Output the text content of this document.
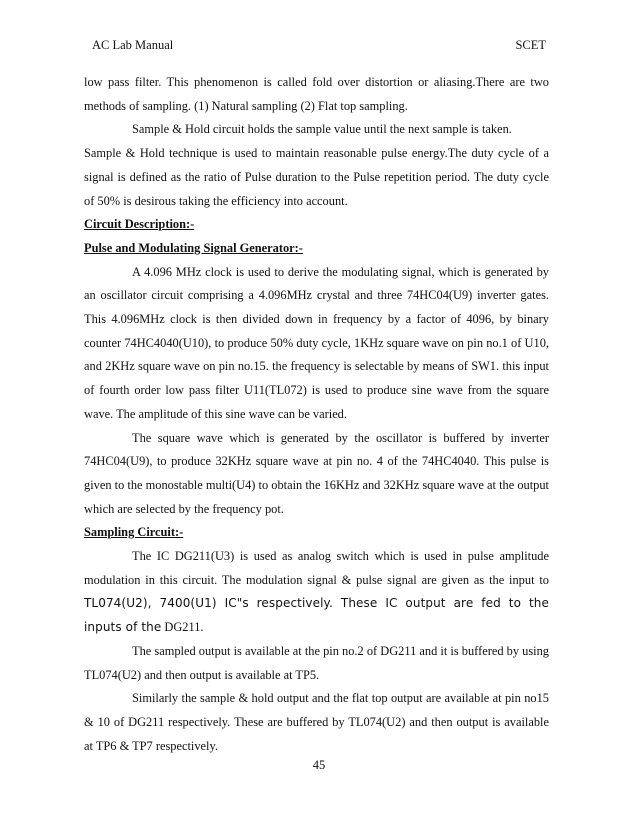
AC Lab Manual	SCET

low pass filter. This phenomenon is called fold over distortion or aliasing.There are two methods of sampling. (1) Natural sampling (2) Flat top sampling.

Sample & Hold circuit holds the sample value until the next sample is taken.

Sample & Hold technique is used to maintain reasonable pulse energy.The duty cycle of a signal is defined as the ratio of Pulse duration to the Pulse repetition period. The duty cycle of 50% is desirous taking the efficiency into account.

Circuit Description:-

Pulse and Modulating Signal Generator:-

A 4.096 MHz clock is used to derive the modulating signal, which is generated by an oscillator circuit comprising a 4.096MHz crystal and three 74HC04(U9) inverter gates. This 4.096MHz clock is then divided down in frequency by a factor of 4096, by binary counter 74HC4040(U10), to produce 50% duty cycle, 1KHz square wave on pin no.1 of U10, and 2KHz square wave on pin no.15. the frequency is selectable by means of SW1. this input of fourth order low pass filter U11(TL072) is used to produce sine wave from the square wave. The amplitude of this sine wave can be varied.

The square wave which is generated by the oscillator is buffered by inverter 74HC04(U9), to produce 32KHz square wave at pin no. 4 of the 74HC4040. This pulse is given to the monostable multi(U4) to obtain the 16KHz and 32KHz square wave at the output which are selected by the frequency pot.

Sampling Circuit:-

The IC DG211(U3) is used as analog switch which is used in pulse amplitude modulation in this circuit. The modulation signal & pulse signal are given as the input to TL074(U2), 7400(U1) IC"s respectively. These IC output are fed to the inputs of the DG211.

The sampled output is available at the pin no.2 of DG211 and it is buffered by using TL074(U2) and then output is available at TP5.

Similarly the sample & hold output and the flat top output are available at pin no15 & 10 of DG211 respectively. These are buffered by TL074(U2) and then output is available at TP6 & TP7 respectively.

45
